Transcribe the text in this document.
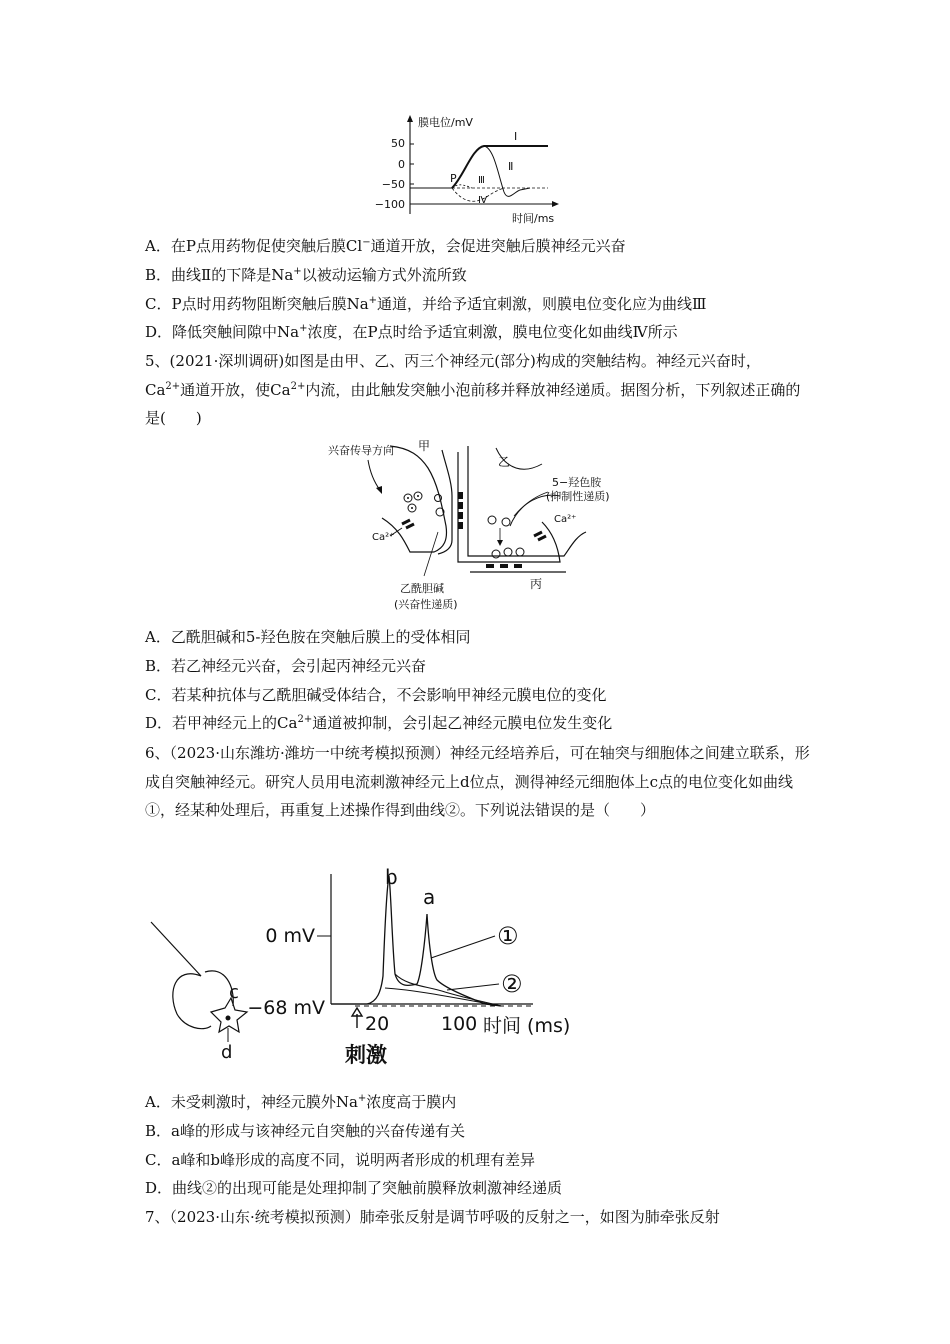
膜电位/mV
50
0
−50
−100
P
Ⅰ
Ⅱ
Ⅲ
Ⅳ
时间/ms
A．在P点用药物促使突触后膜Cl−通道开放，会促进突触后膜神经元兴奋
B．曲线Ⅱ的下降是Na+以被动运输方式外流所致
C．P点时用药物阻断突触后膜Na+通道，并给予适宜刺激，则膜电位变化应为曲线Ⅲ
D．降低突触间隙中Na+浓度，在P点时给予适宜刺激，膜电位变化如曲线Ⅳ所示
5、(2021·深圳调研)如图是由甲、乙、丙三个神经元(部分)构成的突触结构。神经元兴奋时，$Ca^{2+}$通道开放，使$Ca^{2+}$内流，由此触发突触小泡前移并释放神经递质。据图分析，下列叙述正确的是(　　)
兴奋传导方向 甲
Ca²⁺
乙
Ca²⁺
5−羟色胺
(抑制性递质)
丙
乙酰胆碱
(兴奋性递质)
A．乙酰胆碱和5-羟色胺在突触后膜上的受体相同
B．若乙神经元兴奋，会引起丙神经元兴奋
C．若某种抗体与乙酰胆碱受体结合，不会影响甲神经元膜电位的变化
D．若甲神经元上的$Ca^{2+}$通道被抑制，会引起乙神经元膜电位发生变化
6、（2023·山东潍坊·潍坊一中统考模拟预测）神经元经培养后，可在轴突与细胞体之间建立联系，形成自突触神经元。研究人员用电流刺激神经元上d位点，测得神经元细胞体上c点的电位变化如曲线①，经某种处理后，再重复上述操作得到曲线②。下列说法错误的是（　　）
c
d
0 mV
−68 mV
①
②
b
a
20	100 时间 (ms)
刺激
A．未受刺激时，神经元膜外Na+浓度高于膜内
B．a峰的形成与该神经元自突触的兴奋传递有关
C．a峰和b峰形成的高度不同，说明两者形成的机理有差异
D．曲线②的出现可能是处理抑制了突触前膜释放刺激神经递质
7、（2023·山东·统考模拟预测）肺牵张反射是调节呼吸的反射之一，如图为肺牵张反射
